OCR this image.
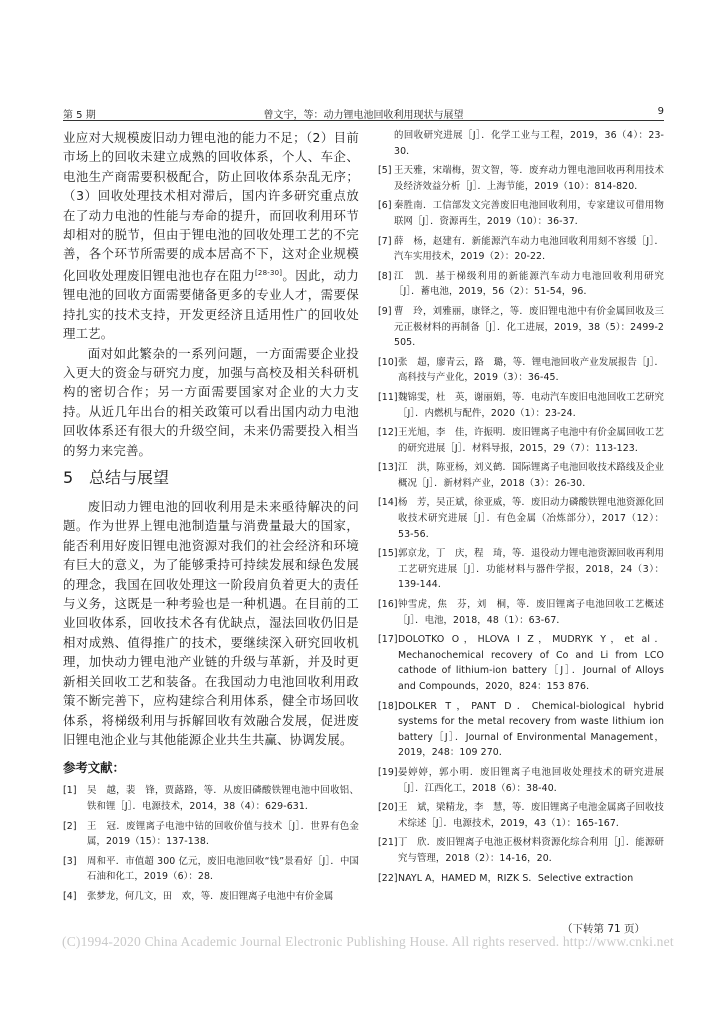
第 5 期	曾文宇，等：动力锂电池回收利用现状与展望	9

业应对大规模废旧动力锂电池的能力不足；（2）目前市场上的回收未建立成熟的回收体系，个人、车企、电池生产商需要积极配合，防止回收体系杂乱无序；（3）回收处理技术相对滞后，国内许多研究重点放在了动力电池的性能与寿命的提升，而回收利用环节却相对的脱节，但由于锂电池的回收处理工艺的不完善，各个环节所需要的成本居高不下，这对企业规模化回收处理废旧锂电池也存在阻力[28-30]。因此，动力锂电池的回收方面需要储备更多的专业人才，需要保持扎实的技术支持，开发更经济且适用性广的回收处理工艺。

面对如此繁杂的一系列问题，一方面需要企业投入更大的资金与研究力度，加强与高校及相关科研机构的密切合作；另一方面需要国家对企业的大力支持。从近几年出台的相关政策可以看出国内动力电池回收体系还有很大的升级空间，未来仍需要投入相当的努力来完善。

5 总结与展望

废旧动力锂电池的回收利用是未来亟待解决的问题。作为世界上锂电池制造量与消费量最大的国家，能否利用好废旧锂电池资源对我们的社会经济和环境有巨大的意义，为了能够秉持可持续发展和绿色发展的理念，我国在回收处理这一阶段肩负着更大的责任与义务，这既是一种考验也是一种机遇。在目前的工业回收体系，回收技术各有优缺点，湿法回收仍旧是相对成熟、值得推广的技术，要继续深入研究回收机理，加快动力锂电池产业链的升级与革新，并及时更新相关回收工艺和装备。在我国动力电池回收利用政策不断完善下，应构建综合利用体系，健全市场回收体系，将梯级利用与拆解回收有效融合发展，促进废旧锂电池企业与其他能源企业共生共赢、协调发展。

参考文献：
[1] 吴　越，裴　锋，贾蕗路，等．从废旧磷酸铁锂电池中回收铝、铁和锂［J］．电源技术，2014，38（4）：629-631．
[2] 王　冠．废锂离子电池中钴的回收价值与技术［J］．世界有色金属，2019（15）：137-138．
[3] 周和平．市值超 300 亿元，废旧电池回收“钱”景看好［J］．中国石油和化工，2019（6）：28．
[4] 张梦龙，何几文，田　欢，等．废旧锂离子电池中有价金属
的回收研究进展［J］．化学工业与工程，2019，36（4）：23-30．
[5] 王天雅，宋端梅，贺文智，等．废弃动力锂电池回收再利用技术及经济效益分析［J］．上海节能，2019（10）：814-820．
[6] 秦胜南．工信部发文完善废旧电池回收利用，专家建议可借用物联网［J］．资源再生，2019（10）：36-37．
[7] 薛　杨，赵建有．新能源汽车动力电池回收利用刻不容缓［J］．汽车实用技术，2019（2）：20-22．
[8] 江　凯．基于梯级利用的新能源汽车动力电池回收利用研究［J］．蓄电池，2019，56（2）：51-54，96．
[9] 曹　玲，刘雅丽，康铎之，等．废旧锂电池中有价金属回收及三元正极材料的再制备［J］．化工进展，2019，38（5）：2499-2 505．
[10] 张　超，廖青云，路　璐，等．锂电池回收产业发展报告［J］．高科技与产业化，2019（3）：36-45．
[11] 魏锦雯，杜　英，谢丽娟，等．电动汽车废旧电池回收工艺研究［J］．内燃机与配件，2020（1）：23-24．
[12] 王光旭，李　佳，许振明．废旧锂离子电池中有价金属回收工艺的研究进展［J］．材料导报，2015，29（7）：113-123．
[13] 江　洪，陈亚杨，刘义鹤．国际锂离子电池回收技术路线及企业概况［J］．新材料产业，2018（3）：26-30．
[14] 杨　芳，吴正斌，徐亚威，等．废旧动力磷酸铁锂电池资源化回收技术研究进展［J］．有色金属（冶炼部分），2017（12）：53-56．
[15] 郭京龙，丁　庆，程　琦，等．退役动力锂电池资源回收再利用工艺研究进展［J］．功能材料与器件学报，2018，24（3）：139-144．
[16] 钟雪虎，焦　芬，刘　桐，等．废旧锂离子电池回收工艺概述［J］．电池，2018，48（1）：63-67．
[17] DOLOTKO O，HLOVA I Z，MUDRYK Y，et al．Mechanochemical recovery of Co and Li from LCO cathode of lithium-ion battery［J］．Journal of Alloys and Compounds，2020，824：153 876．
[18] DOLKER T，PANT D．Chemical-biological hybrid systems for the metal recovery from waste lithium ion battery［J］．Journal of Environmental Management，2019，248：109 270．
[19] 晏婷婷，郭小明．废旧锂离子电池回收处理技术的研究进展［J］．江西化工，2018（6）：38-40．
[20] 王　斌，梁精龙，李　慧，等．废旧锂离子电池金属离子回收技术综述［J］．电源技术，2019，43（1）：165-167．
[21] 丁　欣．废旧锂离子电池正极材料资源化综合利用［J］．能源研究与管理，2018（2）：14-16，20．
[22] NAYL A，HAMED M，RIZK S．Selective extraction
（下转第 71 页）
(C)1994-2020 China Academic Journal Electronic Publishing House. All rights reserved. http://www.cnki.net
